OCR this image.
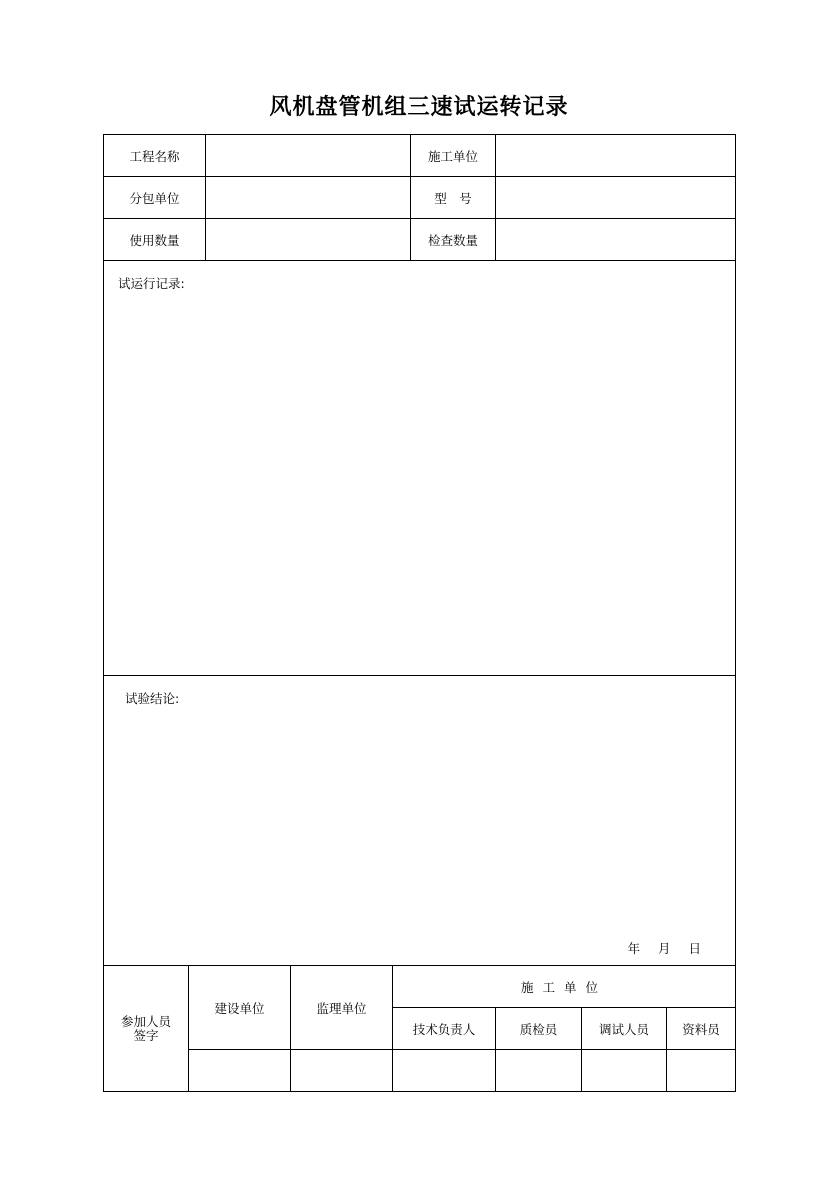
风机盘管机组三速试运转记录
工程名称					施工单位			
分包单位					型　号			
使用数量					检查数量			

试运行记录:								

试验结论:
年 月 日								

参加人员
签字	建设单位		监理单位	施工单位				
				技术负责人		质检员	调试人员	资料员
